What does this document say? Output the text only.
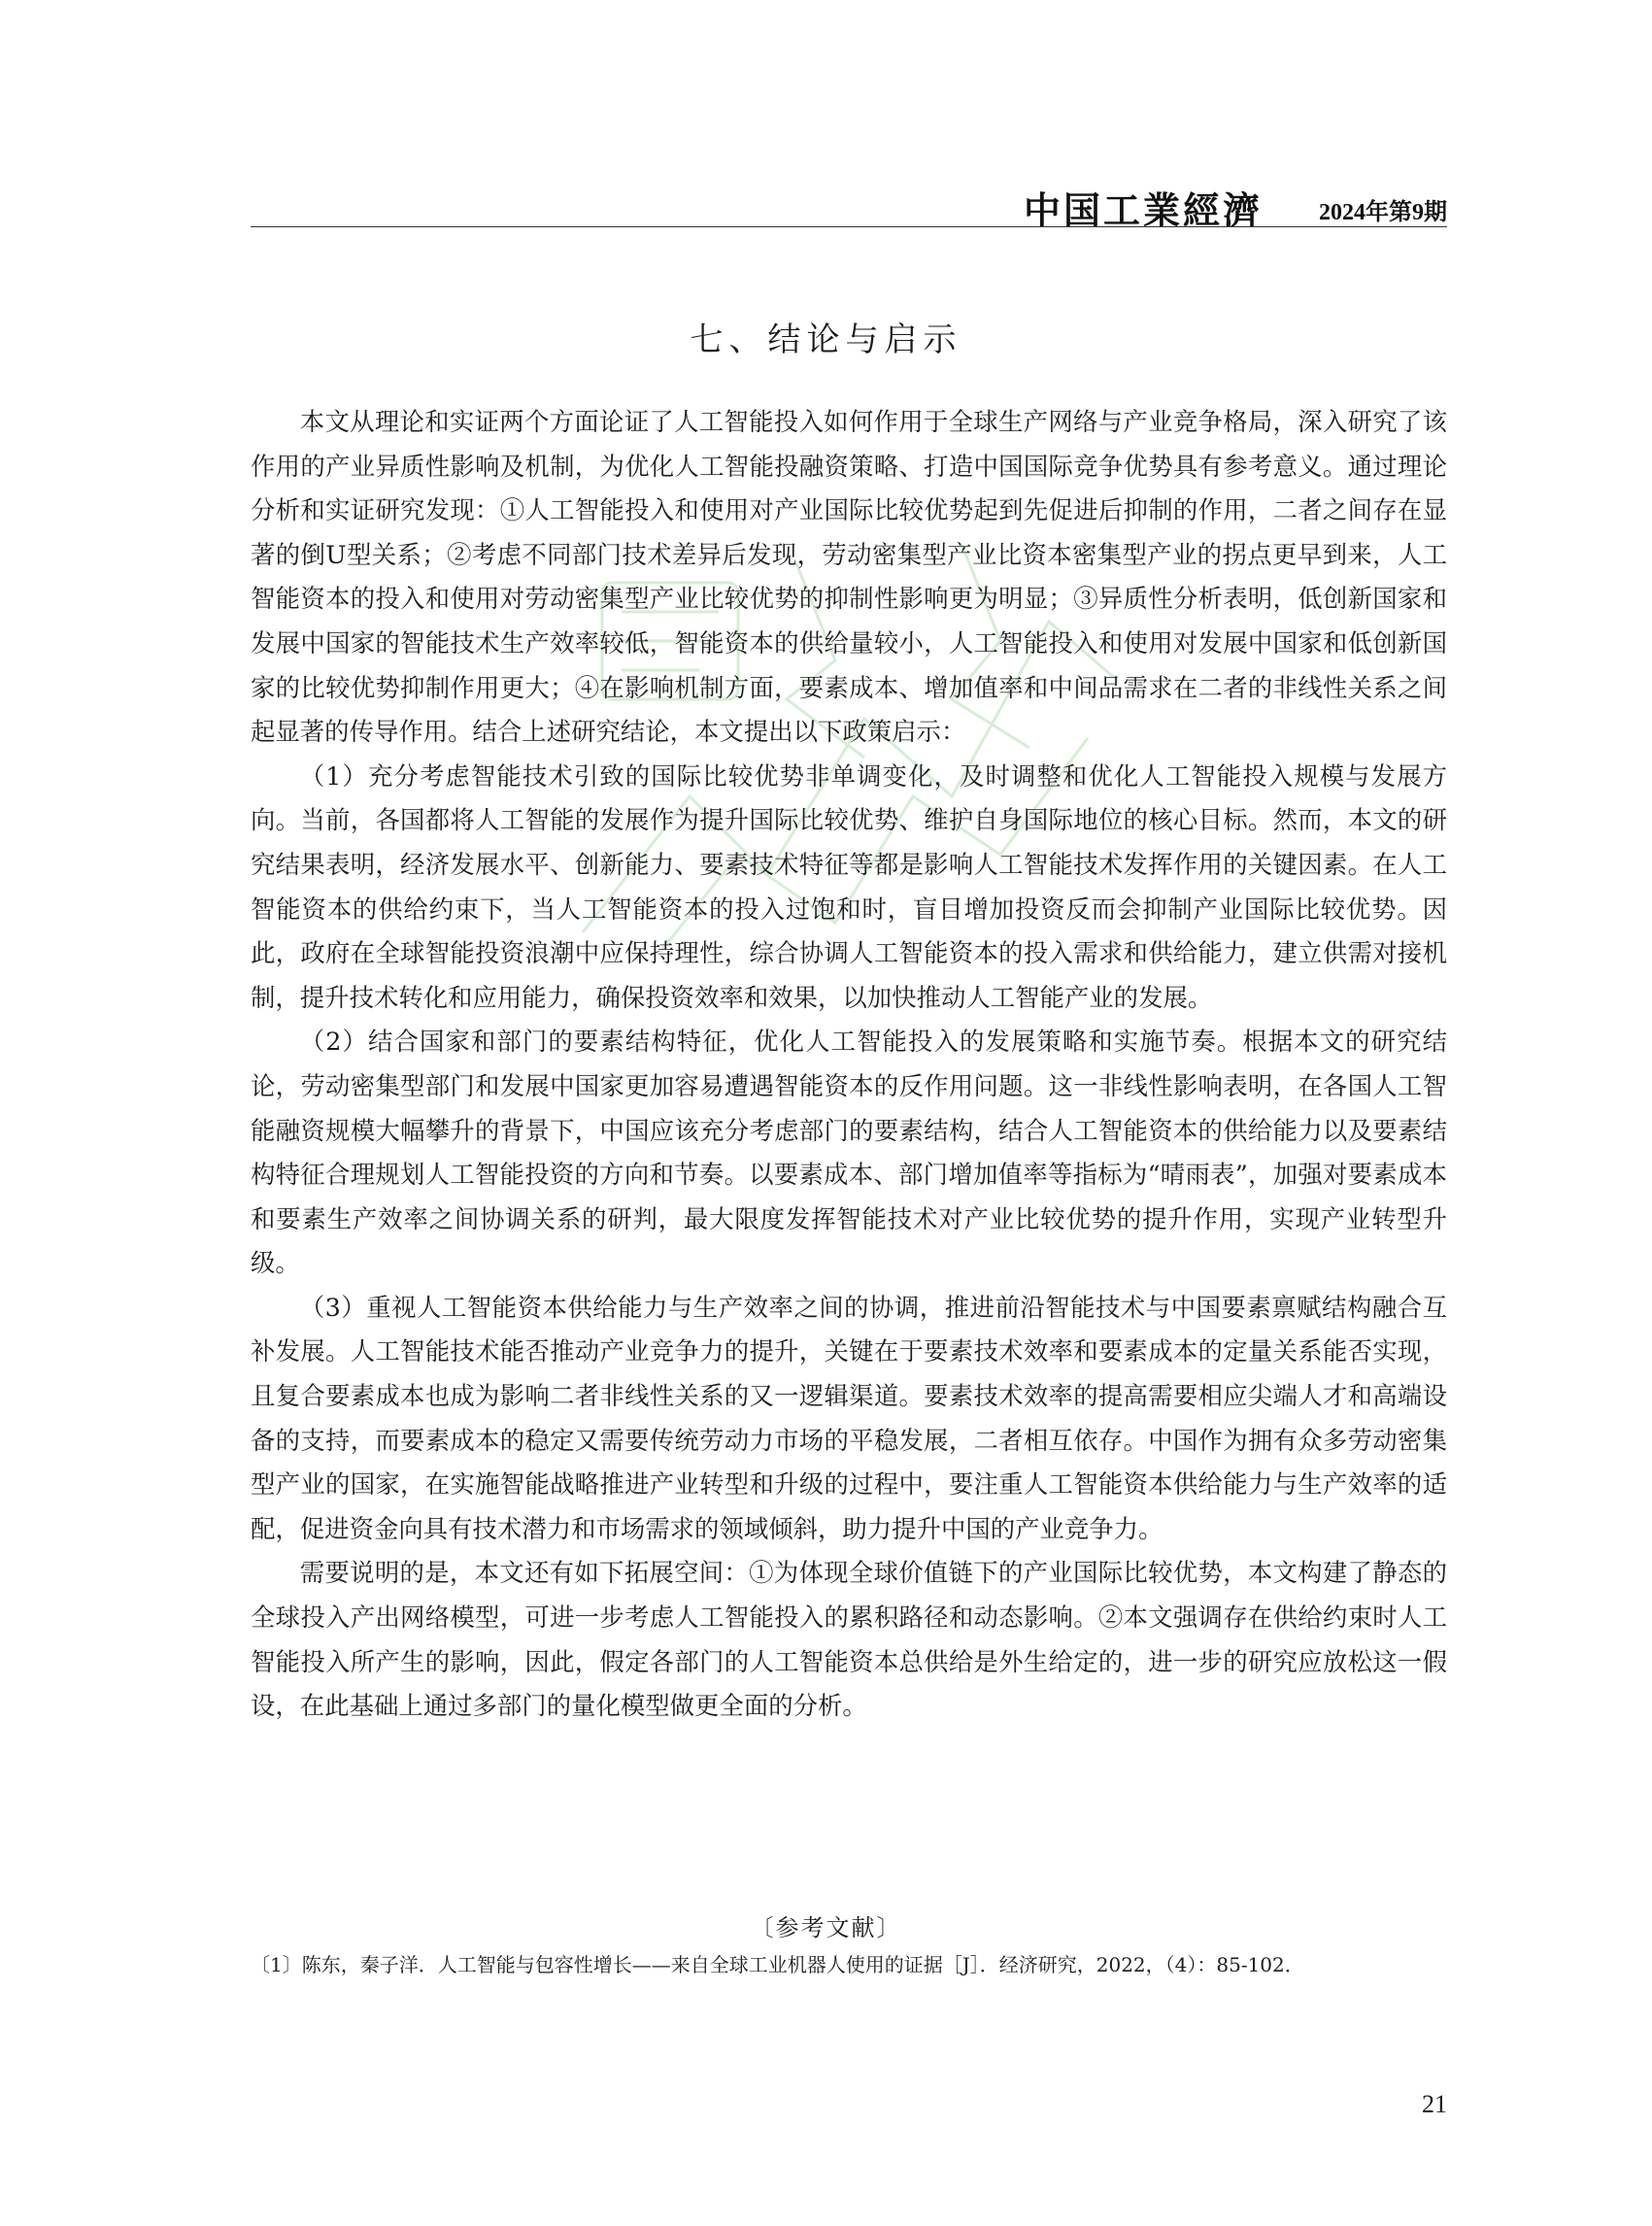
中国工業經濟 2024年第9期
七、结论与启示

本文从理论和实证两个方面论证了人工智能投入如何作用于全球生产网络与产业竞争格局，深入研究了该作用的产业异质性影响及机制，为优化人工智能投融资策略、打造中国国际竞争优势具有参考意义。通过理论分析和实证研究发现：①人工智能投入和使用对产业国际比较优势起到先促进后抑制的作用，二者之间存在显著的倒U型关系；②考虑不同部门技术差异后发现，劳动密集型产业比资本密集型产业的拐点更早到来，人工智能资本的投入和使用对劳动密集型产业比较优势的抑制性影响更为明显；③异质性分析表明，低创新国家和发展中国家的智能技术生产效率较低，智能资本的供给量较小，人工智能投入和使用对发展中国家和低创新国家的比较优势抑制作用更大；④在影响机制方面，要素成本、增加值率和中间品需求在二者的非线性关系之间起显著的传导作用。结合上述研究结论，本文提出以下政策启示：

（1）充分考虑智能技术引致的国际比较优势非单调变化，及时调整和优化人工智能投入规模与发展方向。当前，各国都将人工智能的发展作为提升国际比较优势、维护自身国际地位的核心目标。然而，本文的研究结果表明，经济发展水平、创新能力、要素技术特征等都是影响人工智能技术发挥作用的关键因素。在人工智能资本的供给约束下，当人工智能资本的投入过饱和时，盲目增加投资反而会抑制产业国际比较优势。因此，政府在全球智能投资浪潮中应保持理性，综合协调人工智能资本的投入需求和供给能力，建立供需对接机制，提升技术转化和应用能力，确保投资效率和效果，以加快推动人工智能产业的发展。

（2）结合国家和部门的要素结构特征，优化人工智能投入的发展策略和实施节奏。根据本文的研究结论，劳动密集型部门和发展中国家更加容易遭遇智能资本的反作用问题。这一非线性影响表明，在各国人工智能融资规模大幅攀升的背景下，中国应该充分考虑部门的要素结构，结合人工智能资本的供给能力以及要素结构特征合理规划人工智能投资的方向和节奏。以要素成本、部门增加值率等指标为“晴雨表”，加强对要素成本和要素生产效率之间协调关系的研判，最大限度发挥智能技术对产业比较优势的提升作用，实现产业转型升级。

（3）重视人工智能资本供给能力与生产效率之间的协调，推进前沿智能技术与中国要素禀赋结构融合互补发展。人工智能技术能否推动产业竞争力的提升，关键在于要素技术效率和要素成本的定量关系能否实现，且复合要素成本也成为影响二者非线性关系的又一逻辑渠道。要素技术效率的提高需要相应尖端人才和高端设备的支持，而要素成本的稳定又需要传统劳动力市场的平稳发展，二者相互依存。中国作为拥有众多劳动密集型产业的国家，在实施智能战略推进产业转型和升级的过程中，要注重人工智能资本供给能力与生产效率的适配，促进资金向具有技术潜力和市场需求的领域倾斜，助力提升中国的产业竞争力。

需要说明的是，本文还有如下拓展空间：①为体现全球价值链下的产业国际比较优势，本文构建了静态的全球投入产出网络模型，可进一步考虑人工智能投入的累积路径和动态影响。②本文强调存在供给约束时人工智能投入所产生的影响，因此，假定各部门的人工智能资本总供给是外生给定的，进一步的研究应放松这一假设，在此基础上通过多部门的量化模型做更全面的分析。

〔参考文献〕
〔1〕陈东，秦子洋．人工智能与包容性增长——来自全球工业机器人使用的证据［J］．经济研究，2022，（4）：85-102．
21
